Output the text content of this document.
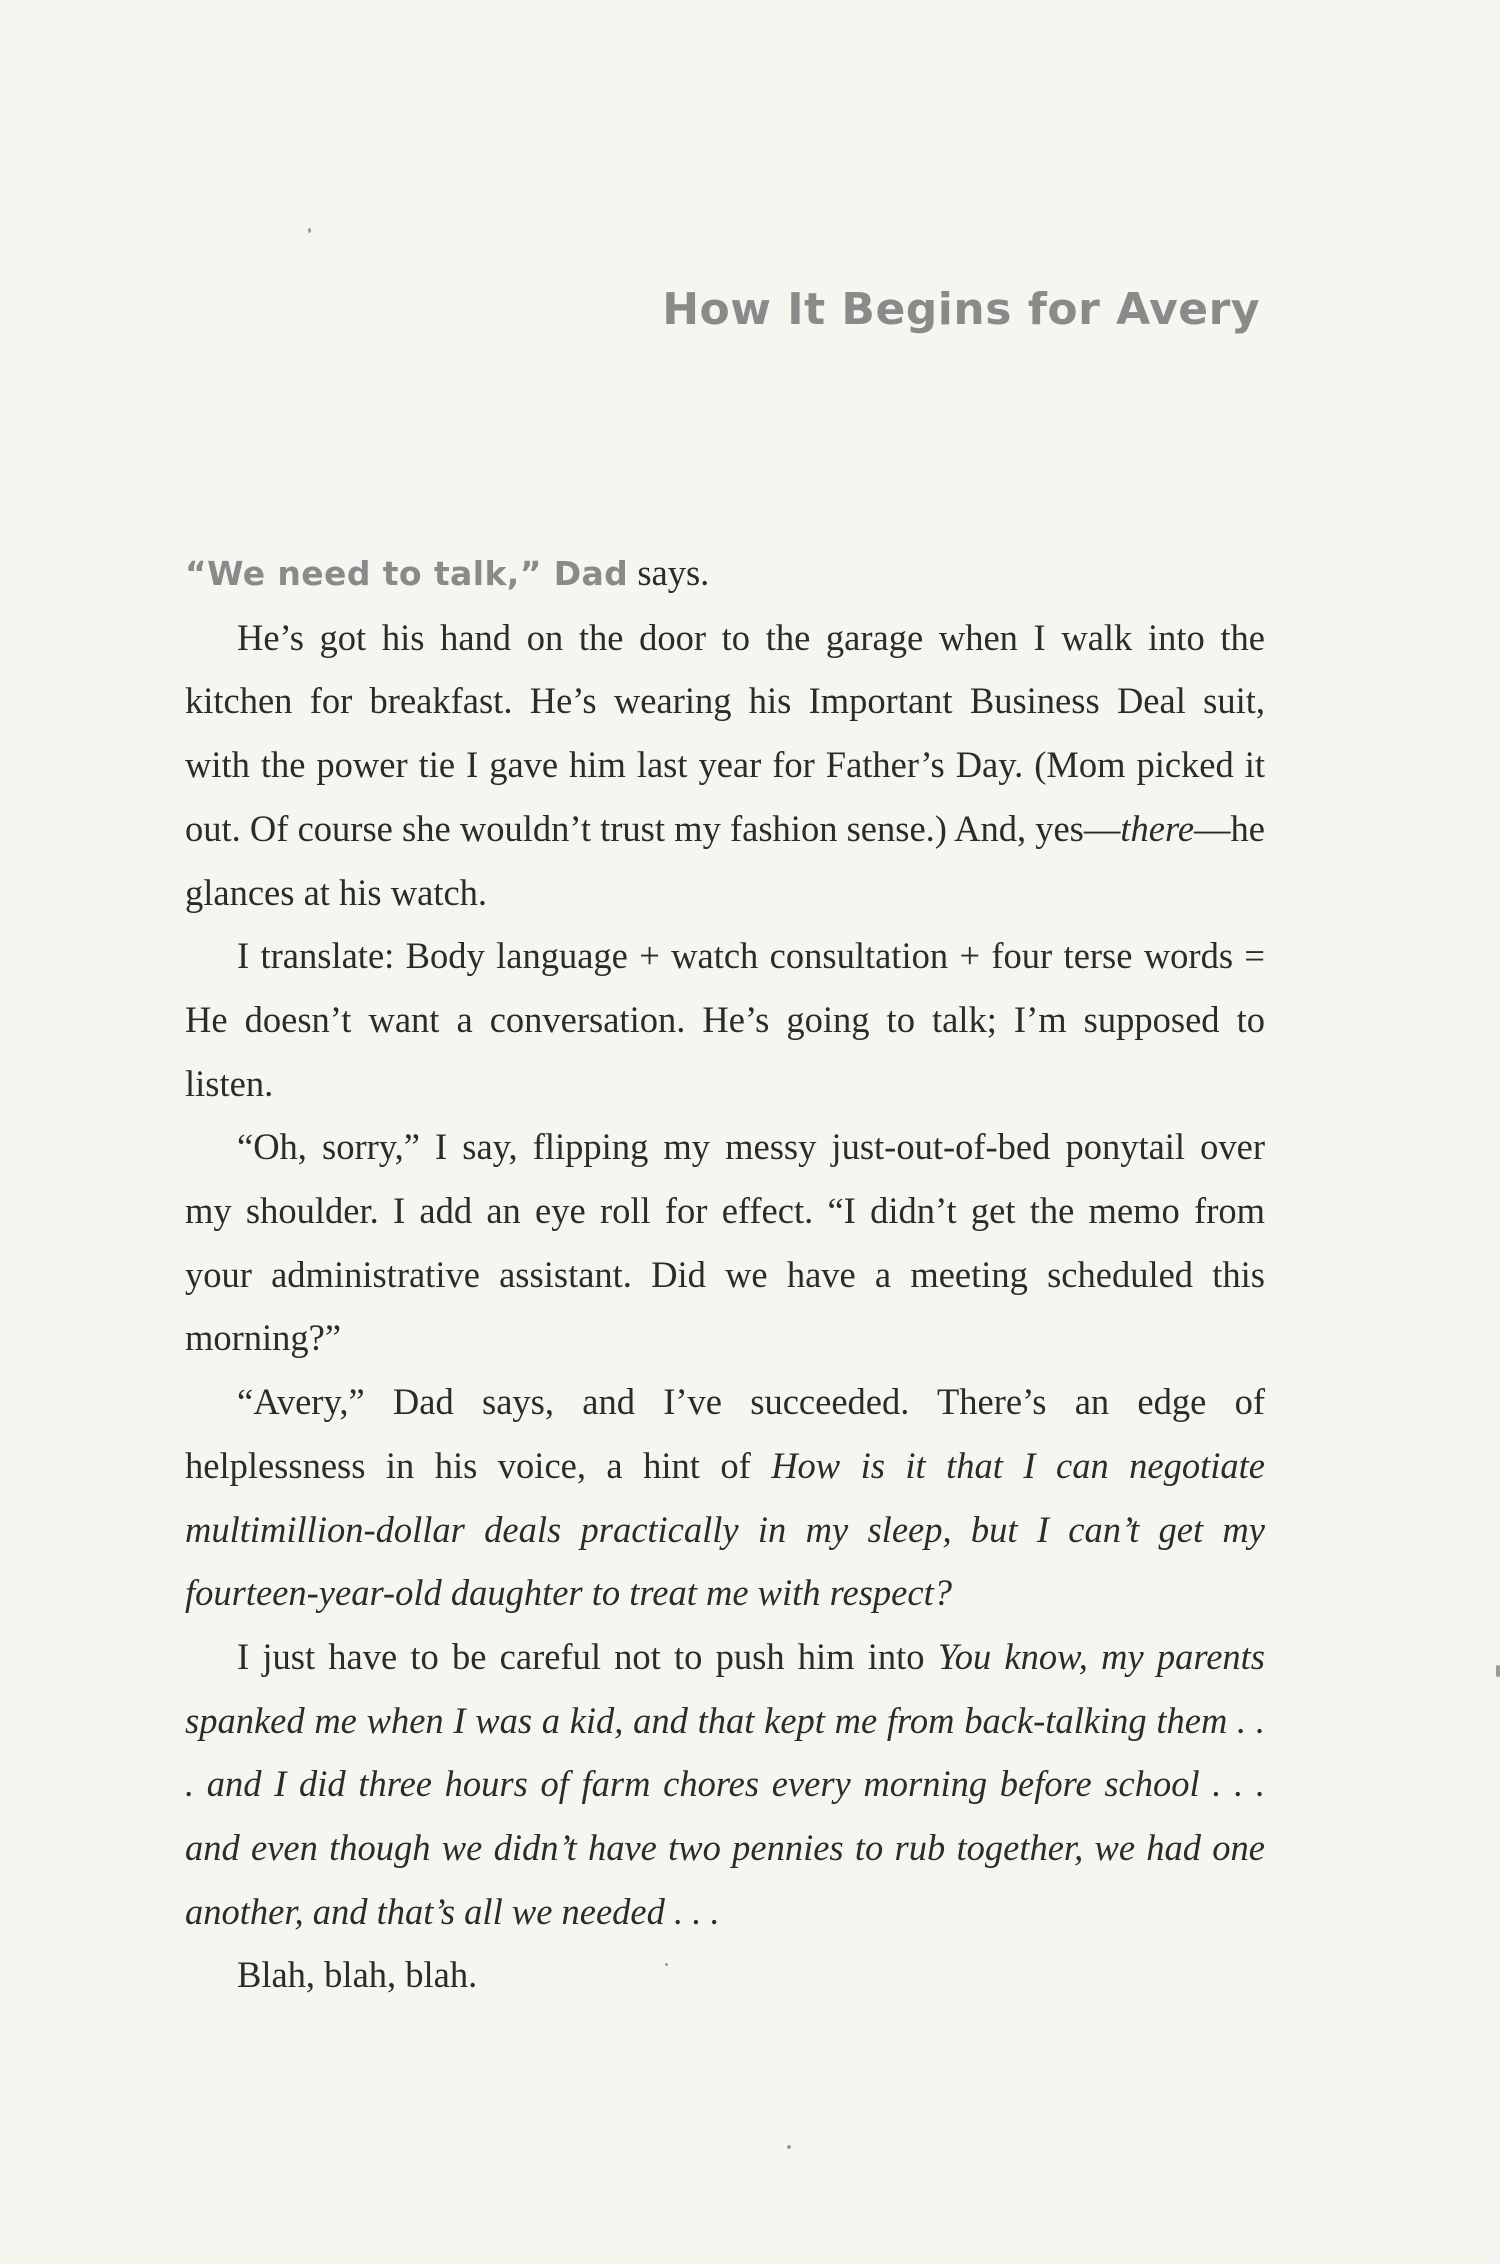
How It Begins for Avery

“We need to talk,” Dad says.

He’s got his hand on the door to the garage when I walk into the kitchen for breakfast. He’s wearing his Important Business Deal suit, with the power tie I gave him last year for Father’s Day. (Mom picked it out. Of course she wouldn’t trust my fashion sense.) And, yes—there—he glances at his watch.

I translate: Body language + watch consultation + four terse words = He doesn’t want a conversation. He’s going to talk; I’m supposed to listen.

“Oh, sorry,” I say, flipping my messy just-out-of-bed ponytail over my shoulder. I add an eye roll for effect. “I didn’t get the memo from your administrative assistant. Did we have a meeting scheduled this morning?”

“Avery,” Dad says, and I’ve succeeded. There’s an edge of helplessness in his voice, a hint of How is it that I can negotiate multimillion-dollar deals practically in my sleep, but I can’t get my fourteen-year-old daughter to treat me with respect?

I just have to be careful not to push him into You know, my parents spanked me when I was a kid, and that kept me from back-talking them . . . and I did three hours of farm chores every morning before school . . . and even though we didn’t have two pennies to rub together, we had one another, and that’s all we needed . . .

Blah, blah, blah.
